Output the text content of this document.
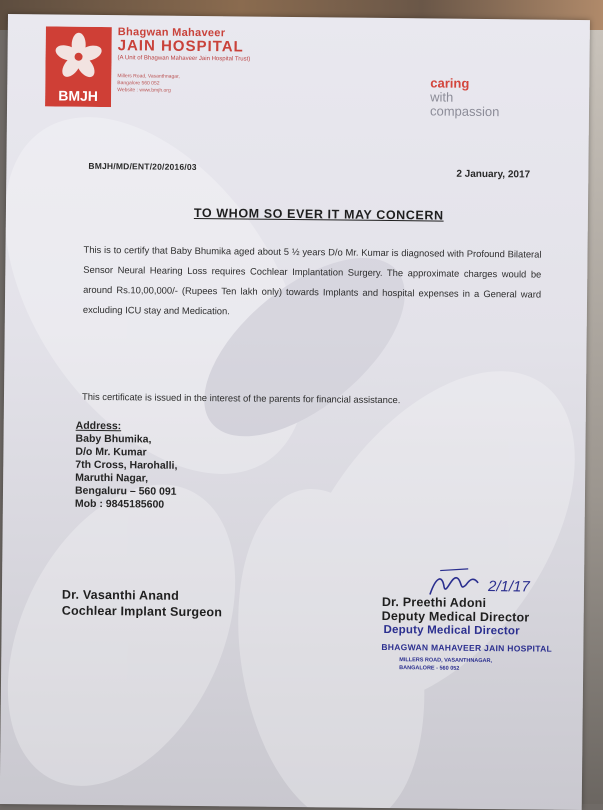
BMJH
Bhagwan Mahaveer
JAIN HOSPITAL
(A Unit of Bhagwan Mahaveer Jain Hospital Trust)
Millers Road, Vasanthnagar,
Bangalore 560 052
Website : www.bmjh.org	caring
with
compassion
BMJH/MD/ENT/20/2016/03
2 January, 2017
TO WHOM SO EVER IT MAY CONCERN
This is to certify that Baby Bhumika aged about 5 ½ years D/o Mr. Kumar is diagnosed with Profound Bilateral Sensor Neural Hearing Loss requires Cochlear Implantation Surgery. The approximate charges would be around Rs.10,00,000/- (Rupees Ten lakh only) towards Implants and hospital expenses in a General ward excluding ICU stay and Medication.
This certificate is issued in the interest of the parents for financial assistance.
Address:
Baby Bhumika,
D/o Mr. Kumar
7th Cross, Harohalli,
Maruthi Nagar,
Bengaluru – 560 091
Mob : 9845185600
Dr. Vasanthi Anand
Cochlear Implant Surgeon
2/1/17
Dr. Preethi Adoni
Deputy Medical Director
Deputy Medical Director
BHAGWAN MAHAVEER JAIN HOSPITAL
MILLERS ROAD, VASANTHNAGAR,
BANGALORE - 560 052
